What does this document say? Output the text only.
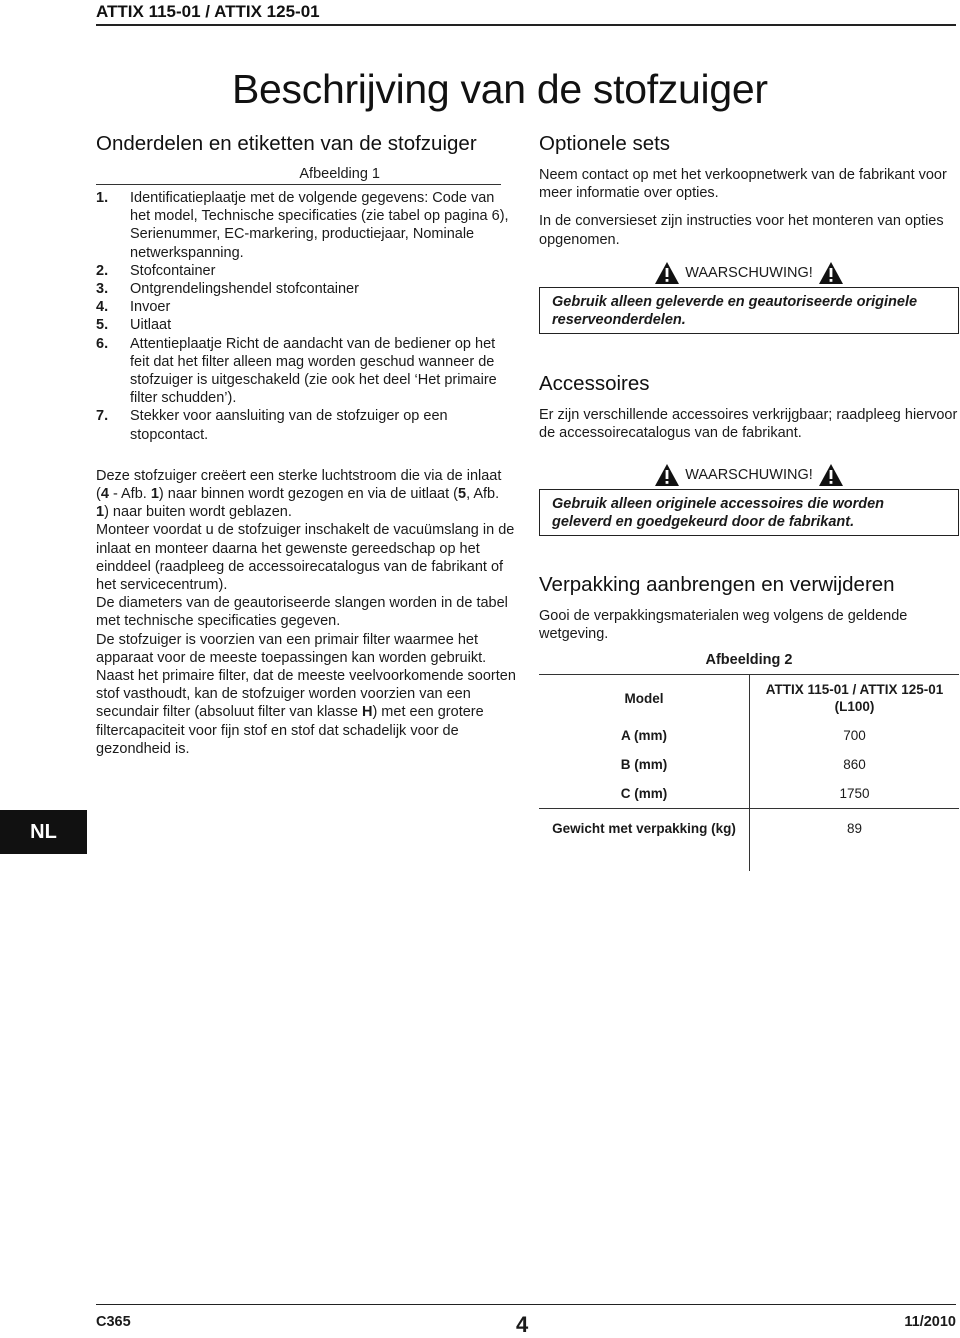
ATTIX 115-01 / ATTIX 125-01
Beschrijving van de stofzuiger
Onderdelen en etiketten van de stofzuiger
Afbeelding 1
1.	Identificatieplaatje met de volgende gegevens: Code van het model, Technische specificaties (zie tabel op pagina 6), Serienummer, EC-markering, productiejaar, Nominale netwerkspanning.
2.	Stofcontainer
3.	Ontgrendelingshendel stofcontainer
4.	Invoer
5.	Uitlaat
6.	Attentieplaatje Richt de aandacht van de bediener op het feit dat het filter alleen mag worden geschud wanneer de stofzuiger is uitgeschakeld (zie ook het deel ‘Het primaire filter schudden’).
7.	Stekker voor aansluiting van de stofzuiger op een stopcontact.

Deze stofzuiger creëert een sterke luchtstroom die via de inlaat (4 - Afb. 1) naar binnen wordt gezogen en via de uitlaat (5, Afb. 1) naar buiten wordt geblazen.

Monteer voordat u de stofzuiger inschakelt de vacuümslang in de inlaat en monteer daarna het gewenste gereedschap op het einddeel (raadpleeg de accessoirecatalogus van de fabrikant of het servicecentrum).

De diameters van de geautoriseerde slangen worden in de tabel met technische specificaties gegeven.

De stofzuiger is voorzien van een primair filter waarmee het apparaat voor de meeste toepassingen kan worden gebruikt. Naast het primaire filter, dat de meeste veelvoorkomende soorten stof vasthoudt, kan de stofzuiger worden voorzien van een secundair filter (absoluut filter van klasse H) met een grotere filtercapaciteit voor fijn stof en stof dat schadelijk voor de gezondheid is.

Optionele sets

Neem contact op met het verkoopnetwerk van de fabrikant voor meer informatie over opties.

In de conversieset zijn instructies voor het monteren van opties opgenomen.

WAARSCHUWING!
Gebruik alleen geleverde en geautoriseerde originele reserveonderdelen.
Accessoires

Er zijn verschillende accessoires verkrijgbaar; raadpleeg hiervoor de accessoirecatalogus van de fabrikant.

WAARSCHUWING!
Gebruik alleen originele accessoires die worden geleverd en goedgekeurd door de fabrikant.
Verpakking aanbrengen en verwijderen

Gooi de verpakkingsmaterialen weg volgens de geldende wetgeving.

Afbeelding 2	
Model	ATTIX 115-01 / ATTIX 125-01
(L100)

A (mm)	700
B (mm)	860
C (mm)	1750
Gewicht met verpakking (kg)	89

NL
C365	4	11/2010
